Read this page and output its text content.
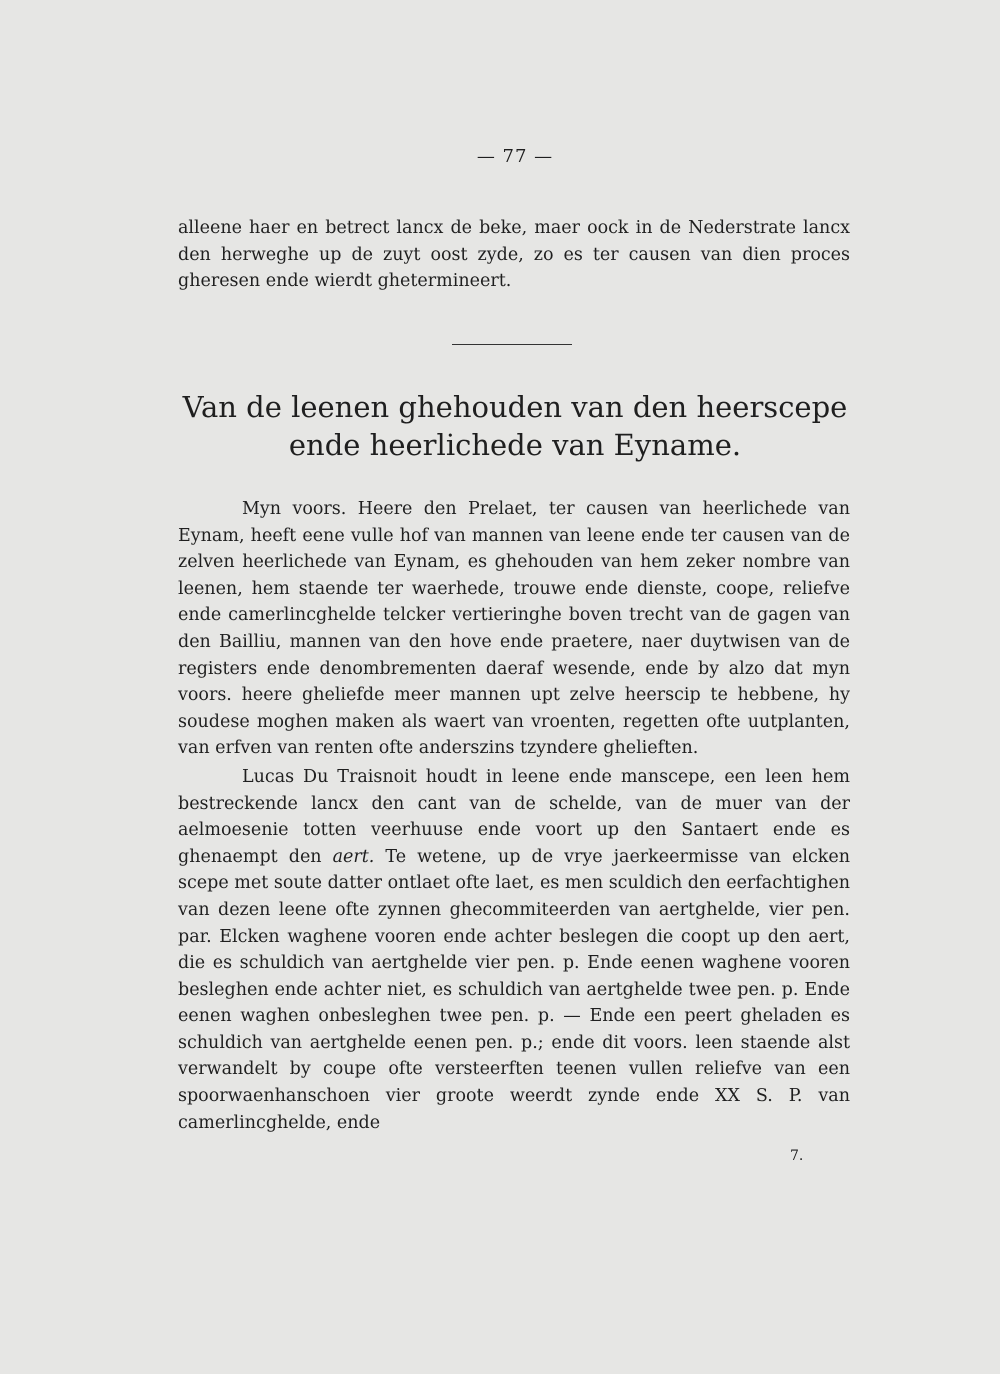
— 77 —
alleene haer en betrect lancx de beke, maer oock in de Nederstrate lancx den herweghe up de zuyt oost zyde, zo es ter causen van dien proces gheresen ende wierdt ghetermineert.
Van de leenen ghehouden van den heerscepe ende heerlichede van Eyname.

Myn voors. Heere den Prelaet, ter causen van heerlichede van Eynam, heeft eene vulle hof van mannen van leene ende ter causen van de zelven heerlichede van Eynam, es ghehouden van hem zeker nombre van leenen, hem staende ter waerhede, trouwe ende dienste, coope, reliefve ende camerlincghelde telcker vertieringhe boven trecht van de gagen van den Bailliu, mannen van den hove ende praetere, naer duytwisen van de registers ende denombrementen daeraf wesende, ende by alzo dat myn voors. heere gheliefde meer mannen upt zelve heerscip te hebbene, hy soudese moghen maken als waert van vroenten, regetten ofte uutplanten, van erfven van renten ofte anderszins tzyndere ghelieften.

Lucas Du Traisnoit houdt in leene ende manscepe, een leen hem bestreckende lancx den cant van de schelde, van de muer van der aelmoesenie totten veerhuuse ende voort up den Santaert ende es ghenaempt den aert. Te wetene, up de vrye jaerkeermisse van elcken scepe met soute datter ontlaet ofte laet, es men sculdich den eerfachtighen van dezen leene ofte zynnen ghecommiteerden van aertghelde, vier pen. par. Elcken waghene vooren ende achter beslegen die coopt up den aert, die es schuldich van aertghelde vier pen. p. Ende eenen waghene vooren besleghen ende achter niet, es schuldich van aertghelde twee pen. p. Ende eenen waghen onbesleghen twee pen. p. — Ende een peert gheladen es schuldich van aertghelde eenen pen. p.; ende dit voors. leen staende alst verwandelt by coupe ofte versteerften teenen vullen reliefve van een spoorwaenhanschoen vier groote weerdt zynde ende XX S. P. van camerlincghelde, ende

7.
